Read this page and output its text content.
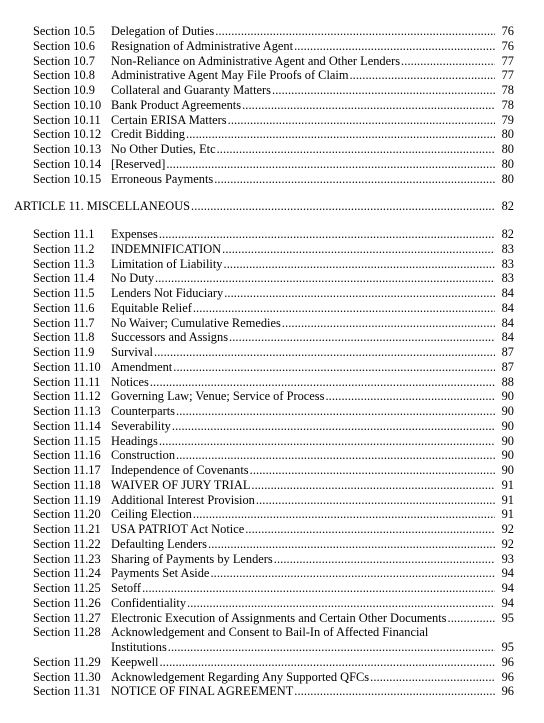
Section 10.5 Delegation of Duties .....	76
Section 10.6 Resignation of Administrative Agent .....	76
Section 10.7 Non-Reliance on Administrative Agent and Other Lenders .....	77
Section 10.8 Administrative Agent May File Proofs of Claim .....	77
Section 10.9 Collateral and Guaranty Matters .....	78
Section 10.10 Bank Product Agreements .....	78
Section 10.11 Certain ERISA Matters .....	79
Section 10.12 Credit Bidding .....	80
Section 10.13 No Other Duties, Etc .....	80
Section 10.14 [Reserved] .....	80
Section 10.15 Erroneous Payments .....	80
ARTICLE 11. MISCELLANEOUS .....	82
Section 11.1 Expenses .....	82
Section 11.2 INDEMNIFICATION .....	83
Section 11.3 Limitation of Liability .....	83
Section 11.4 No Duty .....	83
Section 11.5 Lenders Not Fiduciary .....	84
Section 11.6 Equitable Relief .....	84
Section 11.7 No Waiver; Cumulative Remedies .....	84
Section 11.8 Successors and Assigns .....	84
Section 11.9 Survival .....	87
Section 11.10 Amendment .....	87
Section 11.11 Notices .....	88
Section 11.12 Governing Law; Venue; Service of Process .....	90
Section 11.13 Counterparts .....	90
Section 11.14 Severability .....	90
Section 11.15 Headings .....	90
Section 11.16 Construction .....	90
Section 11.17 Independence of Covenants .....	90
Section 11.18 WAIVER OF JURY TRIAL .....	91
Section 11.19 Additional Interest Provision .....	91
Section 11.20 Ceiling Election .....	91
Section 11.21 USA PATRIOT Act Notice .....	92
Section 11.22 Defaulting Lenders .....	92
Section 11.23 Sharing of Payments by Lenders .....	93
Section 11.24 Payments Set Aside .....	94
Section 11.25 Setoff .....	94
Section 11.26 Confidentiality .....	94
Section 11.27 Electronic Execution of Assignments and Certain Other Documents .....	95
Section 11.28 Acknowledgement and Consent to Bail-In of Affected Financial
Institutions .....	95
Section 11.29 Keepwell .....	96
Section 11.30 Acknowledgement Regarding Any Supported QFCs .....	96
Section 11.31 NOTICE OF FINAL AGREEMENT .....	96
